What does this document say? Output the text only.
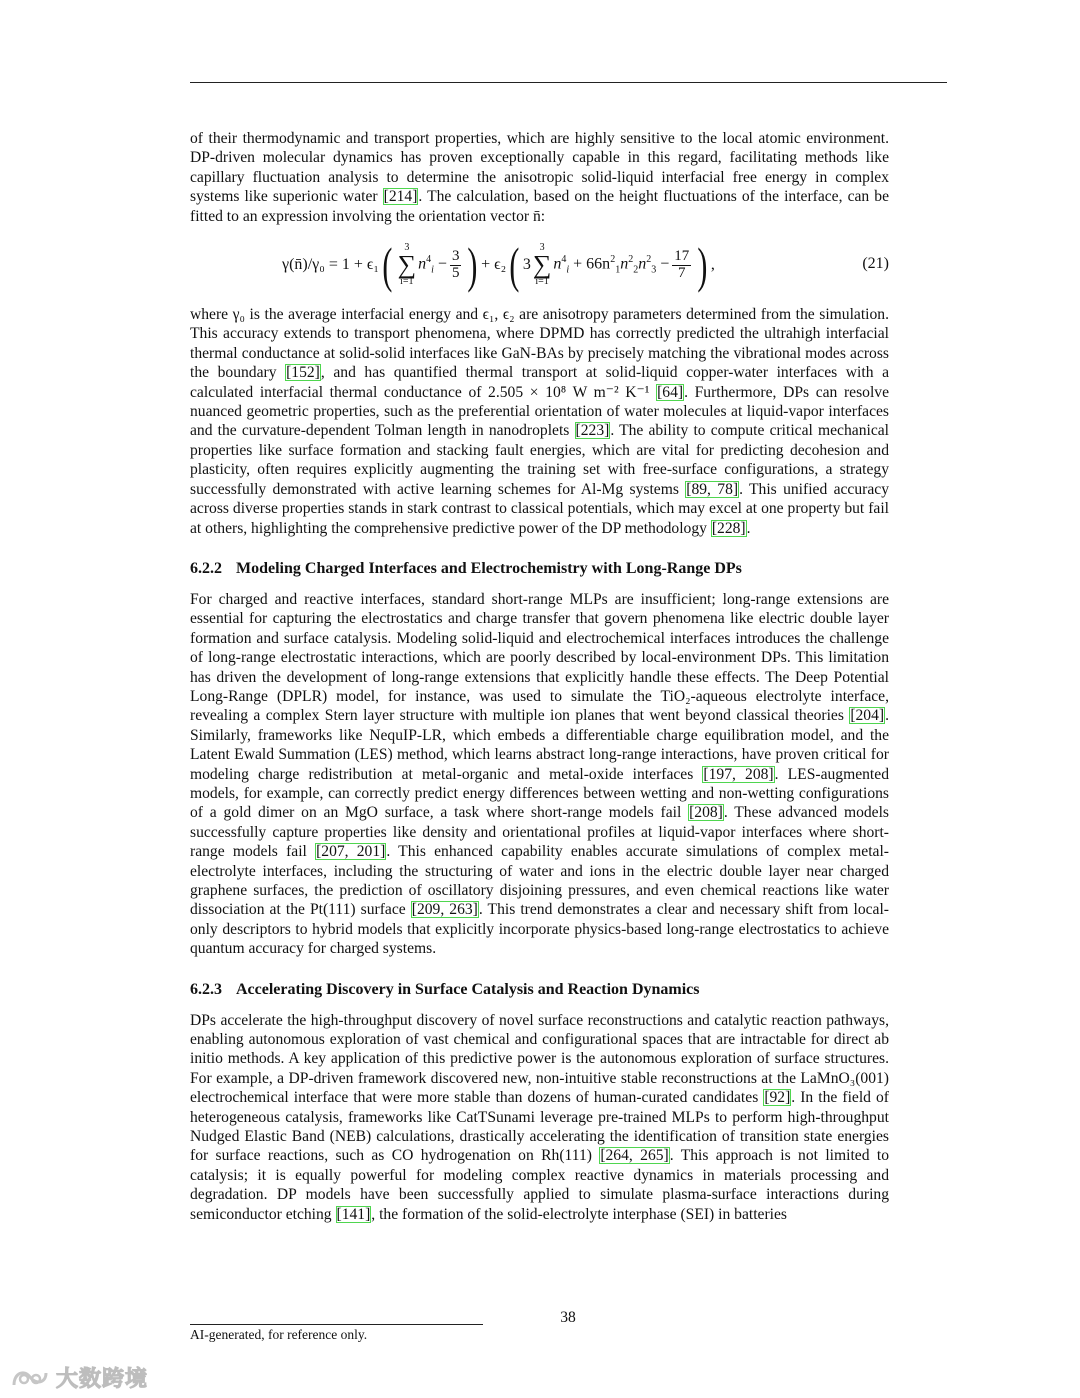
of their thermodynamic and transport properties, which are highly sensitive to the local atomic environment. DP-driven molecular dynamics has proven exceptionally capable in this regard, facilitating methods like capillary fluctuation analysis to determine the anisotropic solid-liquid interfacial free energy in complex systems like superionic water [214]. The calculation, based on the height fluctuations of the interface, can be fitted to an expression involving the orientation vector n̄:

γ(n̄)/γ₀ = 1 + ϵ₁ ( 3
∑
i=1
$n^4_i - \frac{3}{5}$ ) + ϵ₂ ( 3
3
∑
i=1
$n^4_i + 66n^2_1n^2_2n^2_3 - \frac{17}{7}$ ) ,	(21)

where γ₀ is the average interfacial energy and ϵ₁, ϵ₂ are anisotropy parameters determined from the simulation. This accuracy extends to transport phenomena, where DPMD has correctly predicted the ultrahigh interfacial thermal conductance at solid-solid interfaces like GaN-BAs by precisely matching the vibrational modes across the boundary [152], and has quantified thermal transport at solid-liquid copper-water interfaces with a calculated interfacial thermal conductance of 2.505 × 10⁸ W m⁻² K⁻¹ [64]. Furthermore, DPs can resolve nuanced geometric properties, such as the preferential orientation of water molecules at liquid-vapor interfaces and the curvature-dependent Tolman length in nanodroplets [223]. The ability to compute critical mechanical properties like surface formation and stacking fault energies, which are vital for predicting decohesion and plasticity, often requires explicitly augmenting the training set with free-surface configurations, a strategy successfully demonstrated with active learning schemes for Al-Mg systems [89, 78]. This unified accuracy across diverse properties stands in stark contrast to classical potentials, which may excel at one property but fail at others, highlighting the comprehensive predictive power of the DP methodology [228].

6.2.2 Modeling Charged Interfaces and Electrochemistry with Long-Range DPs

For charged and reactive interfaces, standard short-range MLPs are insufficient; long-range extensions are essential for capturing the electrostatics and charge transfer that govern phenomena like electric double layer formation and surface catalysis. Modeling solid-liquid and electrochemical interfaces introduces the challenge of long-range electrostatic interactions, which are poorly described by local-environment DPs. This limitation has driven the development of long-range extensions that explicitly handle these effects. The Deep Potential Long-Range (DPLR) model, for instance, was used to simulate the TiO₂-aqueous electrolyte interface, revealing a complex Stern layer structure with multiple ion planes that went beyond classical theories [204]. Similarly, frameworks like NequIP-LR, which embeds a differentiable charge equilibration model, and the Latent Ewald Summation (LES) method, which learns abstract long-range interactions, have proven critical for modeling charge redistribution at metal-organic and metal-oxide interfaces [197, 208]. LES-augmented models, for example, can correctly predict energy differences between wetting and non-wetting configurations of a gold dimer on an MgO surface, a task where short-range models fail [208]. These advanced models successfully capture properties like density and orientational profiles at liquid-vapor interfaces where short-range models fail [207, 201]. This enhanced capability enables accurate simulations of complex metal-electrolyte interfaces, including the structuring of water and ions in the electric double layer near charged graphene surfaces, the prediction of oscillatory disjoining pressures, and even chemical reactions like water dissociation at the Pt(111) surface [209, 263]. This trend demonstrates a clear and necessary shift from local-only descriptors to hybrid models that explicitly incorporate physics-based long-range electrostatics to achieve quantum accuracy for charged systems.

6.2.3 Accelerating Discovery in Surface Catalysis and Reaction Dynamics

DPs accelerate the high-throughput discovery of novel surface reconstructions and catalytic reaction pathways, enabling autonomous exploration of vast chemical and configurational spaces that are intractable for direct ab initio methods. A key application of this predictive power is the autonomous exploration of surface structures. For example, a DP-driven framework discovered new, non-intuitive stable reconstructions at the LaMnO₃(001) electrochemical interface that were more stable than dozens of human-curated candidates [92]. In the field of heterogeneous catalysis, frameworks like CatTSunami leverage pre-trained MLPs to perform high-throughput Nudged Elastic Band (NEB) calculations, drastically accelerating the identification of transition state energies for surface reactions, such as CO hydrogenation on Rh(111) [264, 265]. This approach is not limited to catalysis; it is equally powerful for modeling complex reactive dynamics in materials processing and degradation. DP models have been successfully applied to simulate plasma-surface interactions during semiconductor etching [141], the formation of the solid-electrolyte interphase (SEI) in batteries

38
AI-generated, for reference only.
大数跨境
